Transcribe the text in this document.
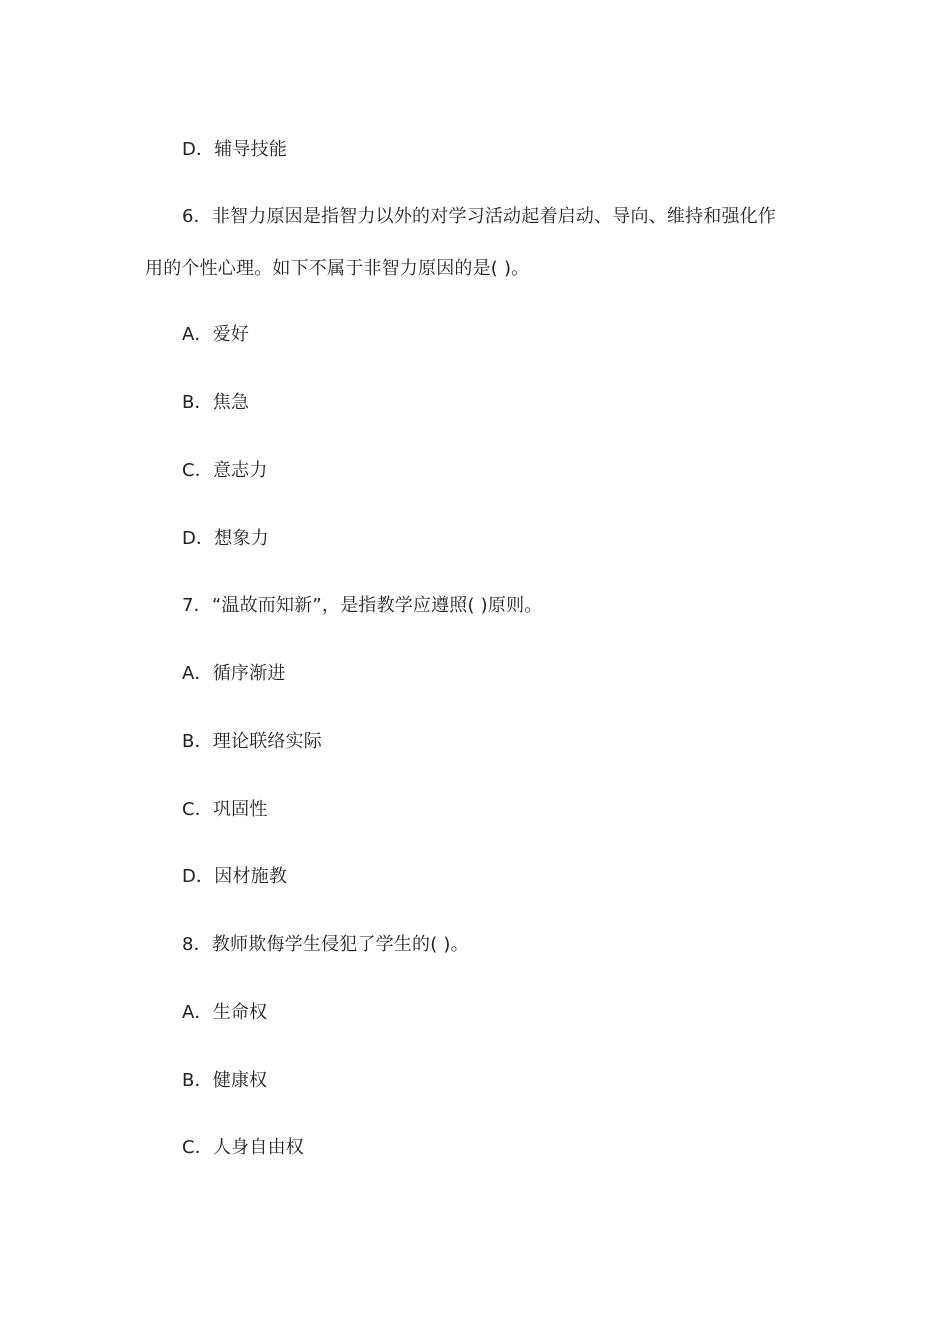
D．辅导技能
6．非智力原因是指智力以外的对学习活动起着启动、导向、维持和强化作
用的个性心理。如下不属于非智力原因的是( )。
A．爱好
B．焦急
C．意志力
D．想象力
7．“温故而知新”，是指教学应遵照( )原则。
A．循序渐进
B．理论联络实际
C．巩固性
D．因材施教
8．教师欺侮学生侵犯了学生的( )。
A．生命权
B．健康权
C．人身自由权
